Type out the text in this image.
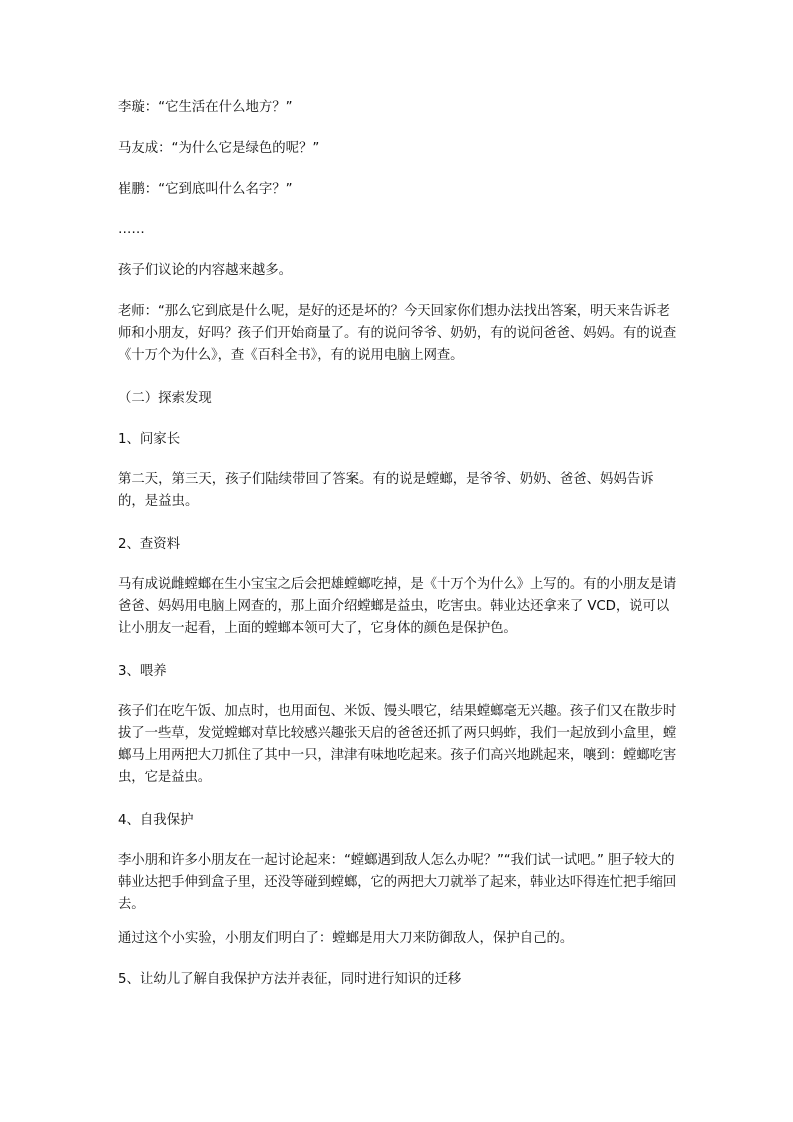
李璇：“它生活在什么地方？”

马友成：“为什么它是绿色的呢？”

崔鹏：“它到底叫什么名字？”

……

孩子们议论的内容越来越多。

老师：“那么它到底是什么呢，是好的还是坏的？今天回家你们想办法找出答案，明天来告诉老师和小朋友，好吗？孩子们开始商量了。有的说问爷爷、奶奶，有的说问爸爸、妈妈。有的说查《十万个为什么》，查《百科全书》，有的说用电脑上网查。

（二）探索发现

1、问家长

第二天，第三天，孩子们陆续带回了答案。有的说是螳螂，是爷爷、奶奶、爸爸、妈妈告诉的，是益虫。

2、查资料

马有成说雌螳螂在生小宝宝之后会把雄螳螂吃掉，是《十万个为什么》上写的。有的小朋友是请爸爸、妈妈用电脑上网查的，那上面介绍螳螂是益虫，吃害虫。韩业达还拿来了 VCD，说可以让小朋友一起看，上面的螳螂本领可大了，它身体的颜色是保护色。

3、喂养

孩子们在吃午饭、加点时，也用面包、米饭、馒头喂它，结果螳螂毫无兴趣。孩子们又在散步时拔了一些草，发觉螳螂对草比较感兴趣张天启的爸爸还抓了两只蚂蚱，我们一起放到小盒里，螳螂马上用两把大刀抓住了其中一只，津津有味地吃起来。孩子们高兴地跳起来，嚷到：螳螂吃害虫，它是益虫。

4、自我保护

李小朋和许多小朋友在一起讨论起来：“螳螂遇到敌人怎么办呢？”“我们试一试吧。” 胆子较大的韩业达把手伸到盒子里，还没等碰到螳螂，它的两把大刀就举了起来，韩业达吓得连忙把手缩回去。

通过这个小实验，小朋友们明白了：螳螂是用大刀来防御敌人，保护自己的。

5、让幼儿了解自我保护方法并表征，同时进行知识的迁移
